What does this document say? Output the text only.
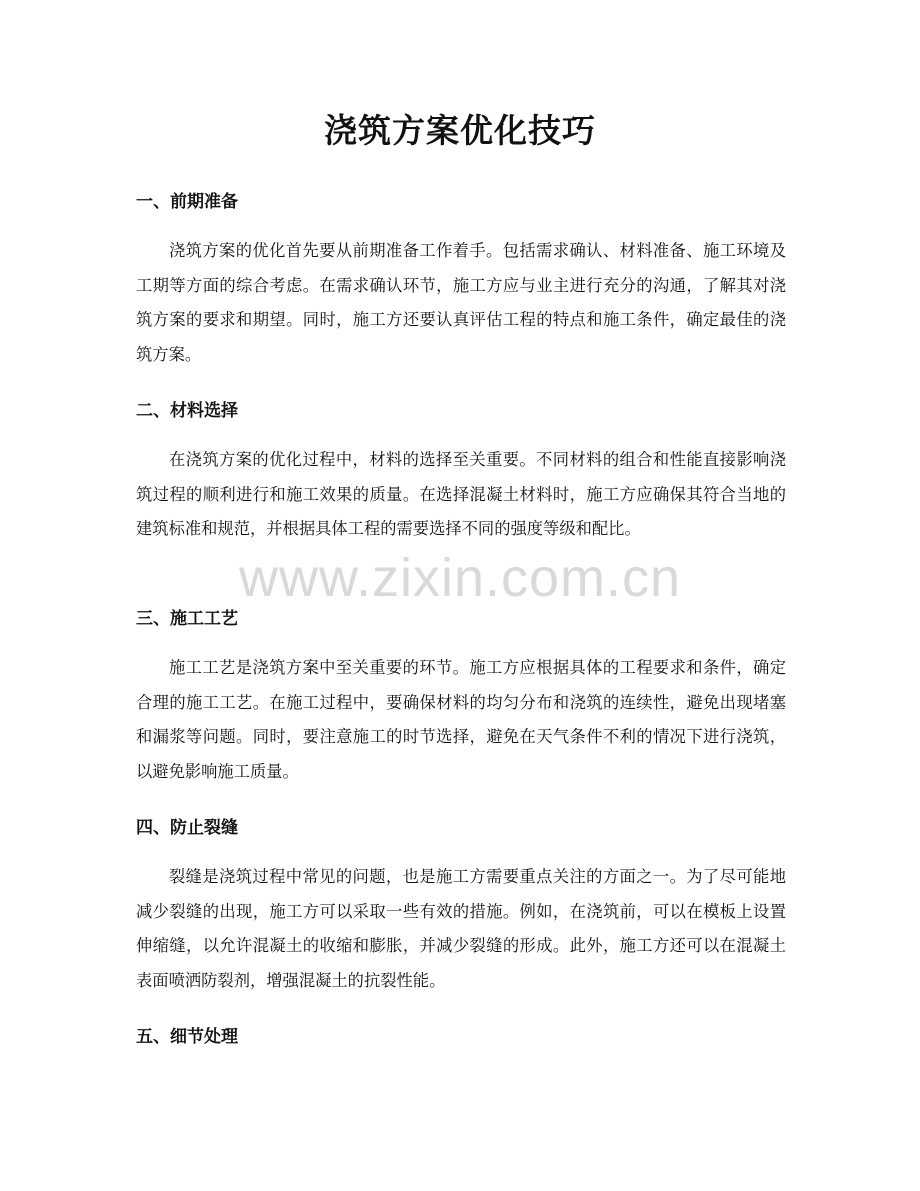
浇筑方案优化技巧
一、前期准备

浇筑方案的优化首先要从前期准备工作着手。包括需求确认、材料准备、施工环境及工期等方面的综合考虑。在需求确认环节，施工方应与业主进行充分的沟通，了解其对浇筑方案的要求和期望。同时，施工方还要认真评估工程的特点和施工条件，确定最佳的浇筑方案。

二、材料选择

在浇筑方案的优化过程中，材料的选择至关重要。不同材料的组合和性能直接影响浇筑过程的顺利进行和施工效果的质量。在选择混凝土材料时，施工方应确保其符合当地的建筑标准和规范，并根据具体工程的需要选择不同的强度等级和配比。

三、施工工艺

施工工艺是浇筑方案中至关重要的环节。施工方应根据具体的工程要求和条件，确定合理的施工工艺。在施工过程中，要确保材料的均匀分布和浇筑的连续性，避免出现堵塞和漏浆等问题。同时，要注意施工的时节选择，避免在天气条件不利的情况下进行浇筑，以避免影响施工质量。

四、防止裂缝

裂缝是浇筑过程中常见的问题，也是施工方需要重点关注的方面之一。为了尽可能地减少裂缝的出现，施工方可以采取一些有效的措施。例如，在浇筑前，可以在模板上设置伸缩缝，以允许混凝土的收缩和膨胀，并减少裂缝的形成。此外，施工方还可以在混凝土表面喷洒防裂剂，增强混凝土的抗裂性能。

五、细节处理
www.zixin.com.cn
